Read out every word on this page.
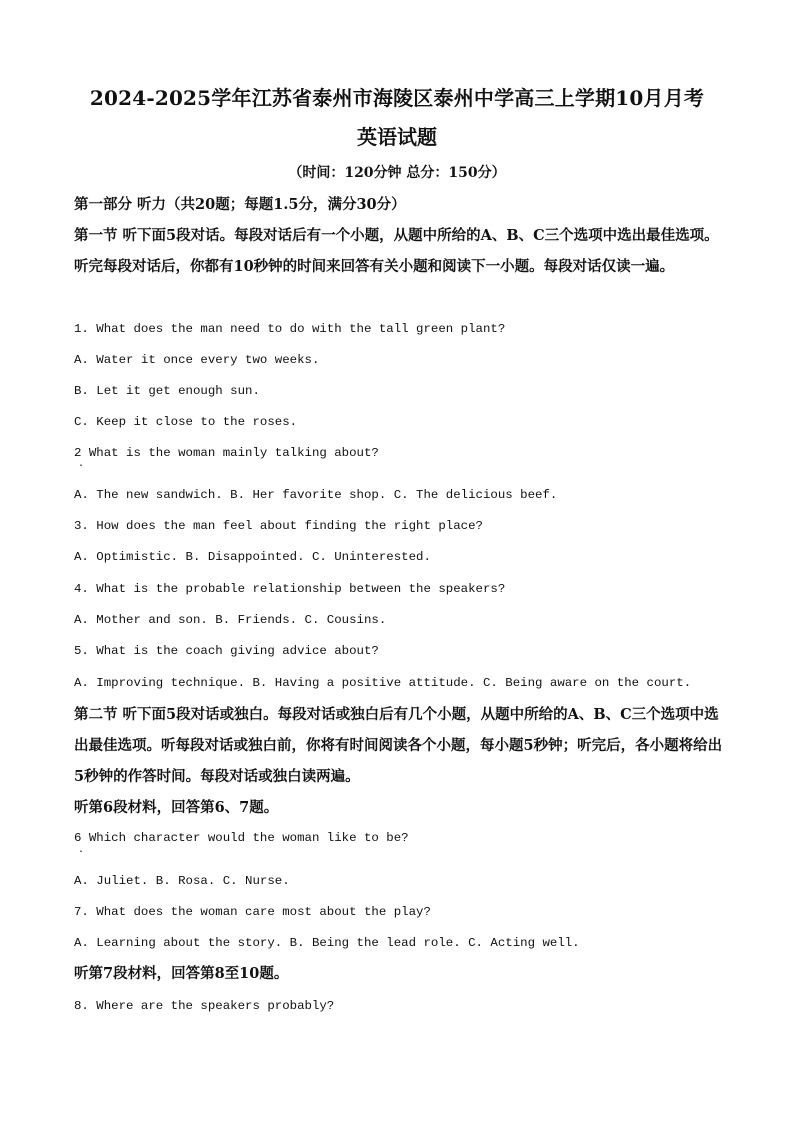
2024-2025学年江苏省泰州市海陵区泰州中学高三上学期10月月考
英语试题
（时间：120分钟 总分：150分）
第一部分 听力（共20题；每题1.5分，满分30分）
第一节 听下面5段对话。每段对话后有一个小题，从题中所给的A、B、C三个选项中选出最佳选项。听完每段对话后，你都有10秒钟的时间来回答有关小题和阅读下一小题。每段对话仅读一遍。
1. What does the man need to do with the tall green plant?
A. Water it once every two weeks.
B. Let it get enough sun.
C. Keep it close to the roses.
2 What is the woman mainly talking about?
.
A. The new sandwich. B. Her favorite shop. C. The delicious beef.
3. How does the man feel about finding the right place?
A. Optimistic. B. Disappointed. C. Uninterested.
4. What is the probable relationship between the speakers?
A. Mother and son. B. Friends. C. Cousins.
5. What is the coach giving advice about?
A. Improving technique. B. Having a positive attitude. C. Being aware on the court.
第二节 听下面5段对话或独白。每段对话或独白后有几个小题，从题中所给的A、B、C三个选项中选出最佳选项。听每段对话或独白前，你将有时间阅读各个小题，每小题5秒钟；听完后，各小题将给出5秒钟的作答时间。每段对话或独白读两遍。
听第6段材料，回答第6、7题。
6 Which character would the woman like to be?
.
A. Juliet. B. Rosa. C. Nurse.
7. What does the woman care most about the play?
A. Learning about the story. B. Being the lead role. C. Acting well.
听第7段材料，回答第8至10题。
8. Where are the speakers probably?
